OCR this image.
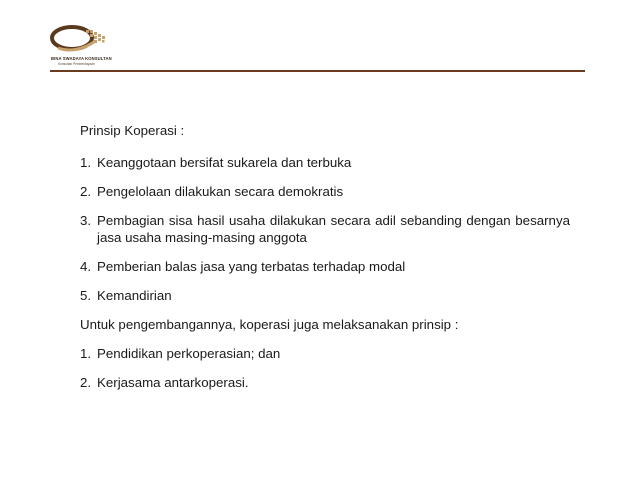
BINA SWADAYA KONSULTAN
Konsultan Pemberdayaan
Prinsip Koperasi :
1. Keanggotaan bersifat sukarela dan terbuka
2. Pengelolaan dilakukan secara demokratis
3. Pembagian sisa hasil usaha dilakukan secara adil sebanding dengan besarnya jasa usaha masing-masing anggota
4. Pemberian balas jasa yang terbatas terhadap modal
5. Kemandirian
Untuk pengembangannya, koperasi juga melaksanakan prinsip :
1. Pendidikan perkoperasian; dan
2. Kerjasama antarkoperasi.
